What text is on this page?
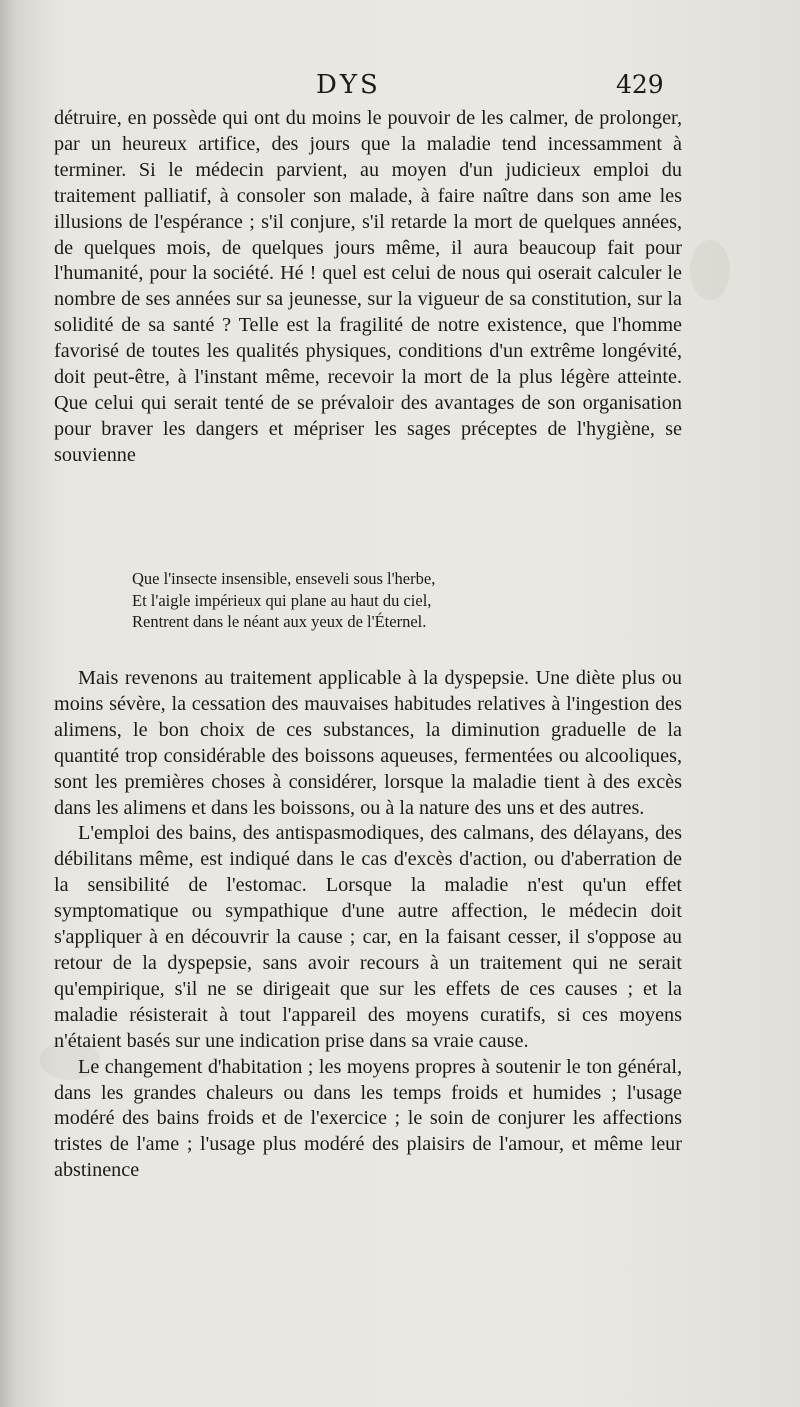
DYS	429

détruire, en possède qui ont du moins le pouvoir de les calmer, de prolonger, par un heureux artifice, des jours que la maladie tend incessamment à terminer. Si le médecin parvient, au moyen d'un judicieux emploi du traitement palliatif, à consoler son malade, à faire naître dans son ame les illusions de l'espérance ; s'il conjure, s'il retarde la mort de quelques années, de quelques mois, de quelques jours même, il aura beaucoup fait pour l'humanité, pour la société. Hé ! quel est celui de nous qui oserait calculer le nombre de ses années sur sa jeunesse, sur la vigueur de sa constitution, sur la solidité de sa santé ? Telle est la fragilité de notre existence, que l'homme favorisé de toutes les qualités physiques, conditions d'un extrême longévité, doit peut-être, à l'instant même, recevoir la mort de la plus légère atteinte. Que celui qui serait tenté de se prévaloir des avantages de son organisation pour braver les dangers et mépriser les sages préceptes de l'hygiène, se souvienne

Que l'insecte insensible, enseveli sous l'herbe,
Et l'aigle impérieux qui plane au haut du ciel,
Rentrent dans le néant aux yeux de l'Éternel.

Mais revenons au traitement applicable à la dyspepsie. Une diète plus ou moins sévère, la cessation des mauvaises habitudes relatives à l'ingestion des alimens, le bon choix de ces substances, la diminution graduelle de la quantité trop considérable des boissons aqueuses, fermentées ou alcooliques, sont les premières choses à considérer, lorsque la maladie tient à des excès dans les alimens et dans les boissons, ou à la nature des uns et des autres.

L'emploi des bains, des antispasmodiques, des calmans, des délayans, des débilitans même, est indiqué dans le cas d'excès d'action, ou d'aberration de la sensibilité de l'estomac. Lorsque la maladie n'est qu'un effet symptomatique ou sympathique d'une autre affection, le médecin doit s'appliquer à en découvrir la cause ; car, en la faisant cesser, il s'oppose au retour de la dyspepsie, sans avoir recours à un traitement qui ne serait qu'empirique, s'il ne se dirigeait que sur les effets de ces causes ; et la maladie résisterait à tout l'appareil des moyens curatifs, si ces moyens n'étaient basés sur une indication prise dans sa vraie cause.

Le changement d'habitation ; les moyens propres à soutenir le ton général, dans les grandes chaleurs ou dans les temps froids et humides ; l'usage modéré des bains froids et de l'exercice ; le soin de conjurer les affections tristes de l'ame ; l'usage plus modéré des plaisirs de l'amour, et même leur abstinence
